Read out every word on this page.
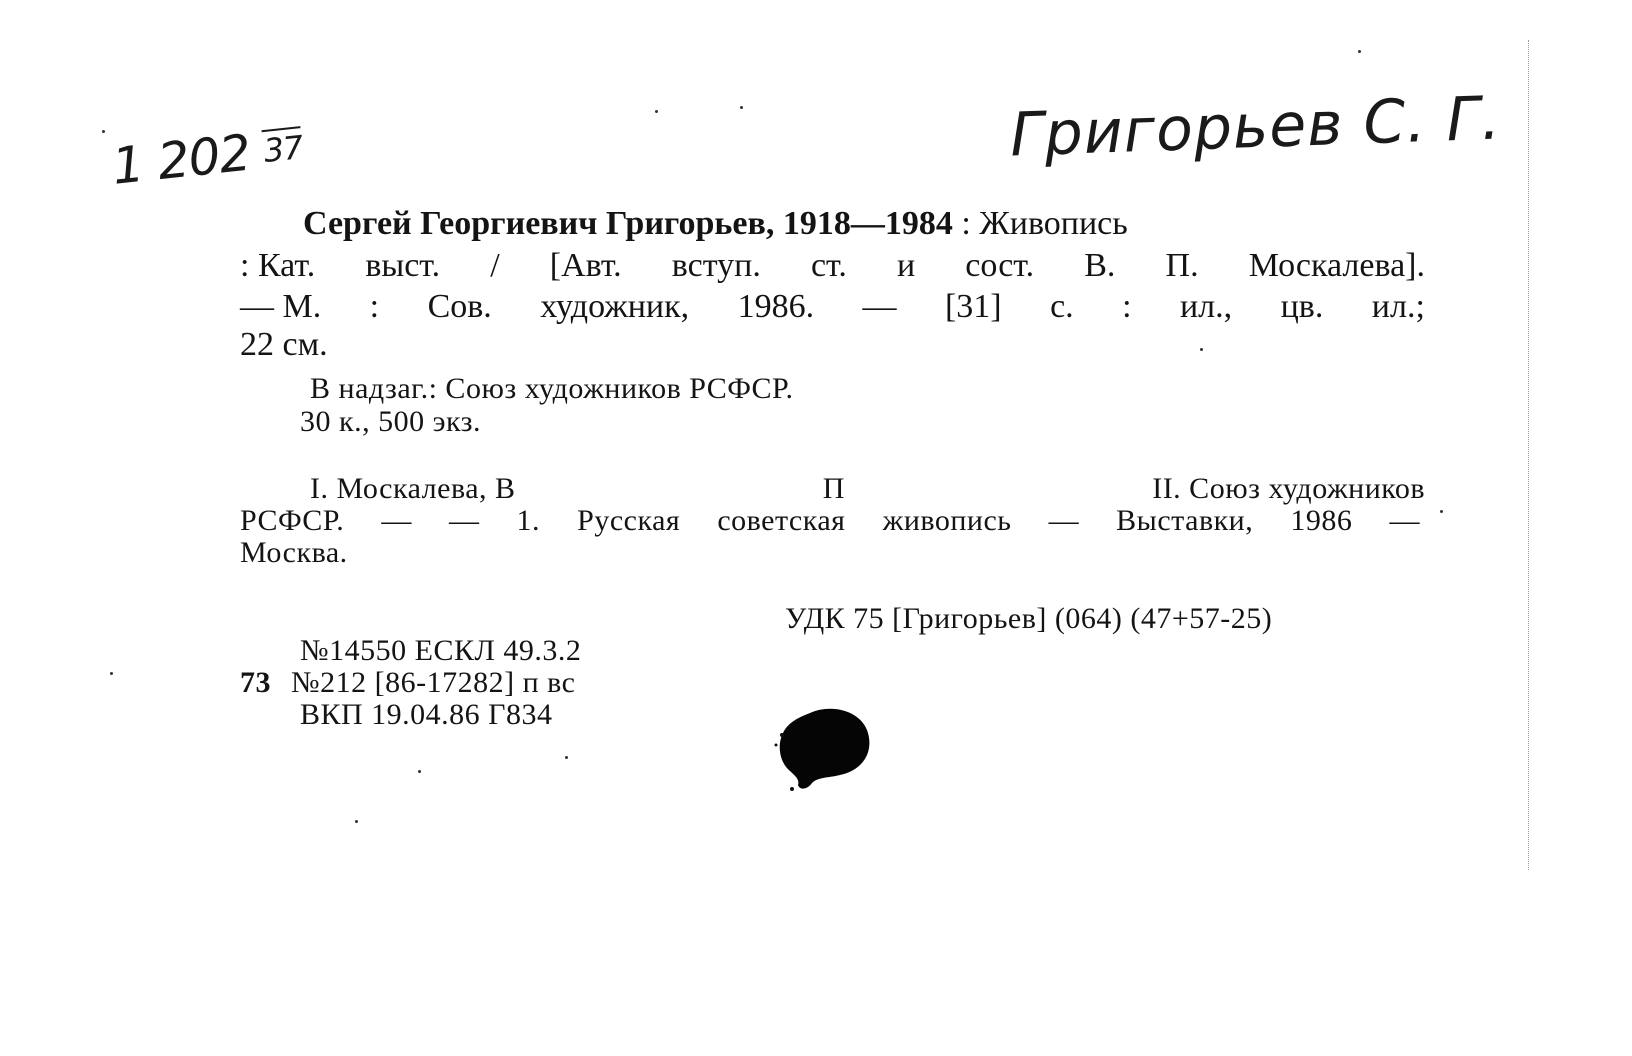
1 202 37	Григорьев С. Г.
Сергей Георгиевич Григорьев, 1918—1984 : Живопись
: Кат. выст. / [Авт. вступ. ст. и сост. В. П. Москалева].
— М. : Сов. художник, 1986. — [31] с. : ил., цв. ил.;
22 см.
В надзаг.: Союз художников РСФСР.
30 к., 500 экз.
I. Москалева, В	П	II. Союз художников
РСФСР. — — 1. Русская советская живопись — Выставки, 1986 —
Москва.
УДК 75 [Григорьев] (064) (47+57-25)
№14550 ЕСКЛ 49.3.2
73 №212 [86-17282] п вс
ВКП 19.04.86 Г834
